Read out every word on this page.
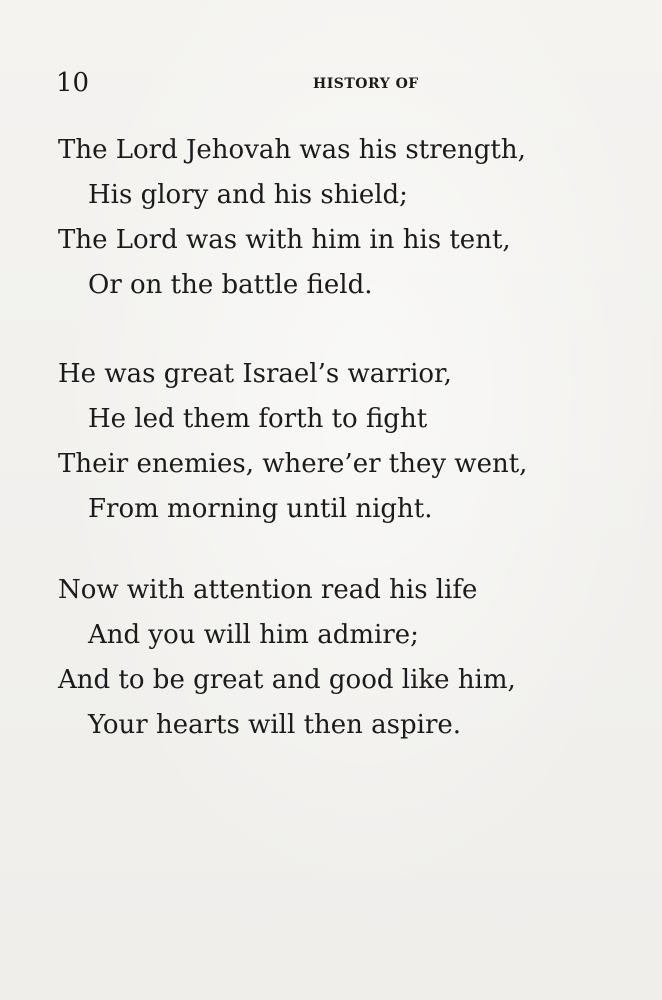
10	HISTORY OF
The Lord Jehovah was his strength,
His glory and his shield;
The Lord was with him in his tent,
Or on the battle field.
He was great Israel’s warrior,
He led them forth to fight
Their enemies, where’er they went,
From morning until night.
Now with attention read his life
And you will him admire;
And to be great and good like him,
Your hearts will then aspire.
